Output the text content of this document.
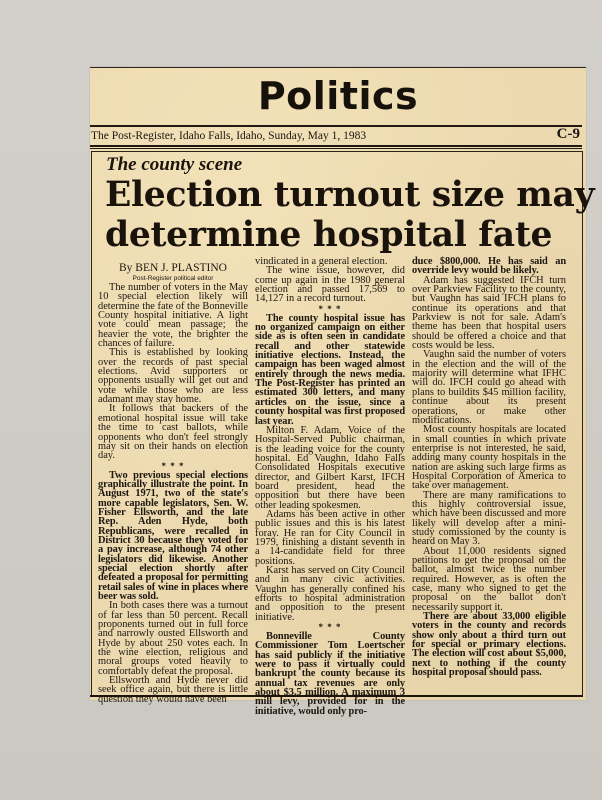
Politics
The Post-Register, Idaho Falls, Idaho, Sunday, May 1, 1983	C-9
The county scene
Election turnout size may
determine hospital fate

By BEN J. PLASTINO

Post-Register political editor

The number of voters in the May 10 special election likely will determine the fate of the Bonneville County hospital initiative. A light vote could mean passage; the heavier the vote, the brighter the chances of failure.

This is established by looking over the records of past special elections. Avid supporters or opponents usually will get out and vote while those who are less adamant may stay home.

It follows that backers of the emotional hospital issue will take the time to cast ballots, while opponents who don't feel strongly may sit on their hands on election day.

* * *

Two previous special elections graphically illustrate the point. In August 1971, two of the state's more capable legislators, Sen. W. Fisher Ellsworth, and the late Rep. Aden Hyde, both Republicans, were recalled in District 30 because they voted for a pay increase, although 74 other legislators did likewise. Another special election shortly after defeated a proposal for permitting retail sales of wine in places where beer was sold.

In both cases there was a turnout of far less than 50 percent. Recall proponents turned out in full force and narrowly ousted Ellsworth and Hyde by about 250 votes each. In the wine election, religious and moral groups voted heavily to comfortably defeat the proposal.

Ellsworth and Hyde never did seek office again, but there is little question they would have been

vindicated in a general election.

The wine issue, however, did come up again in the 1980 general election and passed 17,569 to 14,127 in a record turnout.

* * *

The county hospital issue has no organized campaign on either side as is often seen in candidate recall and other statewide initiative elections. Instead, the campaign has been waged almost entirely through the news media. The Post-Register has printed an estimated 300 letters, and many articles on the issue, since a county hospital was first proposed last year.

Milton F. Adam, Voice of the Hospital-Served Public chairman, is the leading voice for the county hospital. Ed Vaughn, Idaho Falls Consolidated Hospitals executive director, and Gilbert Karst, IFCH board president, head the opposition but there have been other leading spokesmen.

Adams has been active in other public issues and this is his latest foray. He ran for City Council in 1979, finishing a distant seventh in a 14-candidate field for three positions.

Karst has served on City Council and in many civic activities. Vaughn has generally confined his efforts to hospital administration and opposition to the present initiative.

* * *

Bonneville County Commissioner Tom Loertscher has said publicly if the initiative were to pass it virtually could bankrupt the county because its annual tax revenues are only about $3.5 million. A maximum 3 mill levy, provided for in the initiative, would only pro-

duce $800,000. He has said an override levy would be likely.

Adam has suggested IFCH turn over Parkview Facility to the county, but Vaughn has said IFCH plans to continue its operations and that Parkview is not for sale. Adam's theme has been that hospital users should be offered a choice and that costs would be less.

Vaughn said the number of voters in the election and the will of the majority will determine what IFHC will do. IFCH could go ahead with plans to buildits $45 million facility, continue about its present operations, or make other modifications.

Most county hospitals are located in small counties in which private enterprise is not interested, he said, adding many county hospitals in the nation are asking such large firms as Hospital Corporation of America to take over management.

There are many ramifications to this highly controversial issue, which have been discussed and more likely will develop after a mini-study comissioned by the county is heard on May 3.

About 11,000 residents signed petitions to get the proposal on the ballot, almost twice the number required. However, as is often the case, many who signed to get the proposal on the ballot don't necessarily support it.

There are about 33,000 eligible voters in the county and records show only about a third turn out for special or primary elections. The election will cost about $5,000, next to nothing if the county hospital proposal should pass.
